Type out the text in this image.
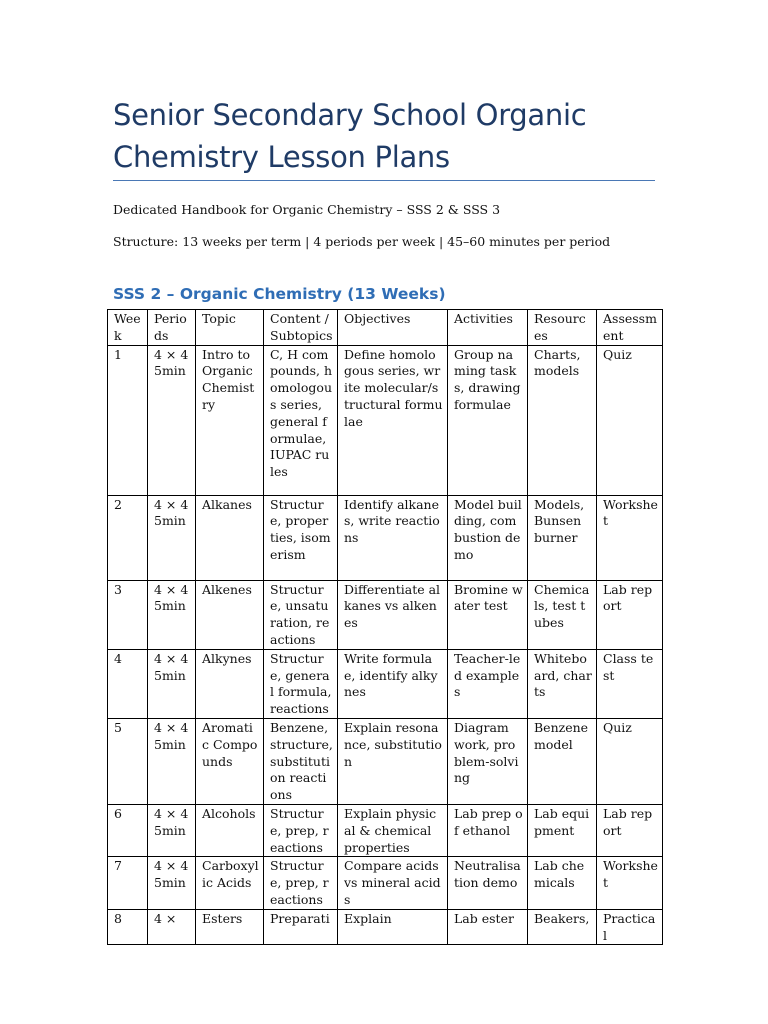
Senior Secondary School Organic Chemistry Lesson Plans

Dedicated Handbook for Organic Chemistry – SSS 2 & SSS 3

Structure: 13 weeks per term | 4 periods per week | 45–60 minutes per period

SSS 2 – Organic Chemistry (13 Weeks)
Week	Periods	Topic	Content / Subtopics	Objectives	Activities	Resources	Assessment
1	4 × 45min	Intro to Organic Chemistry	C, H compounds, homologous series, general formulae, IUPAC rules	Define homologous series, write molecular/structural formulae	Group naming tasks, drawing formulae	Charts, models	Quiz
2	4 × 45min	Alkanes	Structure, properties, isomerism	Identify alkanes, write reactions	Model building, combustion demo	Models, Bunsen burner	Workshet
3	4 × 45min	Alkenes	Structure, unsaturation, reactions	Differentiate alkanes vs alkenes	Bromine water test	Chemicals, test tubes	Lab report
4	4 × 45min	Alkynes	Structure, general formula, reactions	Write formulae, identify alkynes	Teacher-led examples	Whiteboard, charts	Class test
5	4 × 45min	Aromatic Compounds	Benzene, structure, substitution reactions	Explain resonance, substitution	Diagram work, problem-solving	Benzene model	Quiz
6	4 × 45min	Alcohols	Structure, prep, reactions	Explain physical & chemical properties	Lab prep of ethanol	Lab equipment	Lab report
7	4 × 45min	Carboxylic Acids	Structure, prep, reactions	Compare acids vs mineral acids	Neutralisation demo	Lab chemicals	Workshet
8	4 ×	Esters	Preparati	Explain	Lab ester	Beakers,	Practical
